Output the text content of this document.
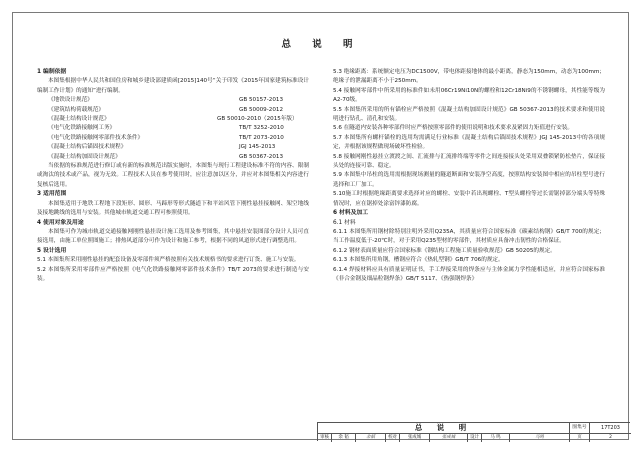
总 说 明

1 编制依据

本图集根据中华人民共和国住房和城乡建设部建质函[2015]140号“关于印发《2015年国家建筑标准设计编制工作计划》的通知”进行编制。

《地铁设计规范》	GB 50157-2013
《建筑结构荷载规范》	GB 50009-2012
《混凝土结构设计规范》	GB 50010-2010（2015年版）
《电气化铁路接触网工务》	TB/T 3252-2010
《电气化铁路接触网零部件技术条件》	TB/T 2073-2010
《混凝土结构后锚固技术规程》	JGJ 145-2013
《混凝土结构加固设计规范》	GB 50367-2013

当依据的标准规范进行修订或有新的标准规范出版实施时，本图集与现行工程建设标准不符的内容、限制或淘汰的技术或产品，视为无效。工程技术人员在参考使用时，应注意加以区分，并应对本图集相关内容进行复核后选用。

3 适用范围

本图集适用于地铁工程地下段矩形、圆形、马蹄形等形式隧道下和平站风管下刚性悬挂接触网、架空地线及接地跳线的选用与安装。其他城市轨道交通工程可参照使用。

4 使用对象及用途

本图集可作为城市轨道交通接触网刚性悬挂设计施工选用及参考图集，其中悬挂安装图部分设计人员可直接选用，由施工单位照图施工；排热风道部分可作为设计和施工参考，根据不同的风道形式进行调整选用。

5 设计选用

5.1 本图集所采用刚性悬挂的配套设备及零部件须严格按照有关技术规格书的要求进行订货、施工与安装。

5.2 本图集所采用零部件应严格按照《电气化铁路接触网零部件技术条件》TB/T 2073的要求进行制造与安装。

5.3 绝缘距离：系统额定电压为DC1500V，带电体距接地体的最小距离，静态为150mm，动态为100mm；绝缘子的泄漏距离不小于250mm。

5.4 接触网零部件中所采用的标准件如未用06Cr19Ni10N的螺栓和12Cr18Ni9的不锈钢螺母，其性能等级为A2-70级。

5.5 本图集所采用的所有锚栓应严格按照《混凝土结构加固设计规范》GB 50367-2013的技术要求和使用说明进行钻孔、清孔和安装。

5.6 在隧道内安装各种零部件时应严格按照零部件的使用说明和技术要求及紧固力矩值进行安装。

5.7 本图集所有螺杆锚栓的选用均需满足行业标准《混凝土结构后锚固技术规程》JGJ 145-2013中的各项规定，并根据该规程做现场破坏性检验。

5.8 接触网刚性悬挂立渡渡之间、汇流排与汇流排终端等零件之间连接接头处采用双叠锁紧防松垫片，保证接头处的连接可靠、稳定。

5.9 本图集中吊柱的选用需根据现场测量的隧道断面和安装净空高度，按照结构安装图中相应的吊柱型号进行选择和工厂加工。

5.10施工时根据绝缘距离要求选择对应的螺栓、安装中若出现螺栓、T型头螺栓等过长需锯掉部分端头等特殊情况时，应在锯掉处涂富锌漆防腐。

6 材料及加工

6.1 材料

6.1.1 本图集所用钢材除特别注明外采用Q235A，其质量应符合国家标准《碳素结构钢》GB/T 700的规定；当工作温度低于-20℃时，对于采用Q235型材的零部件，其材质应具备冲击韧性的合格保证。

6.1.2 钢材表面质量应符合国家标准《钢结构工程施工质量验收规范》GB 50205的规定。

6.1.3 本图集所用角钢，槽钢应符合《热轧型钢》GB/T 706的规定。

6.1.4 焊接材料应具有质量证明证书，手工焊接采用的焊条应与主体金属力学性能相适应，并应符合国家标准《非合金钢及细晶粒钢焊条》GB/T 5117、《热强钢焊条》

总 说 明	图集号	17T203
审核	余 韬	余韬	校对	张成城	张成城	设计	马 鸣	马鸣	页	2
